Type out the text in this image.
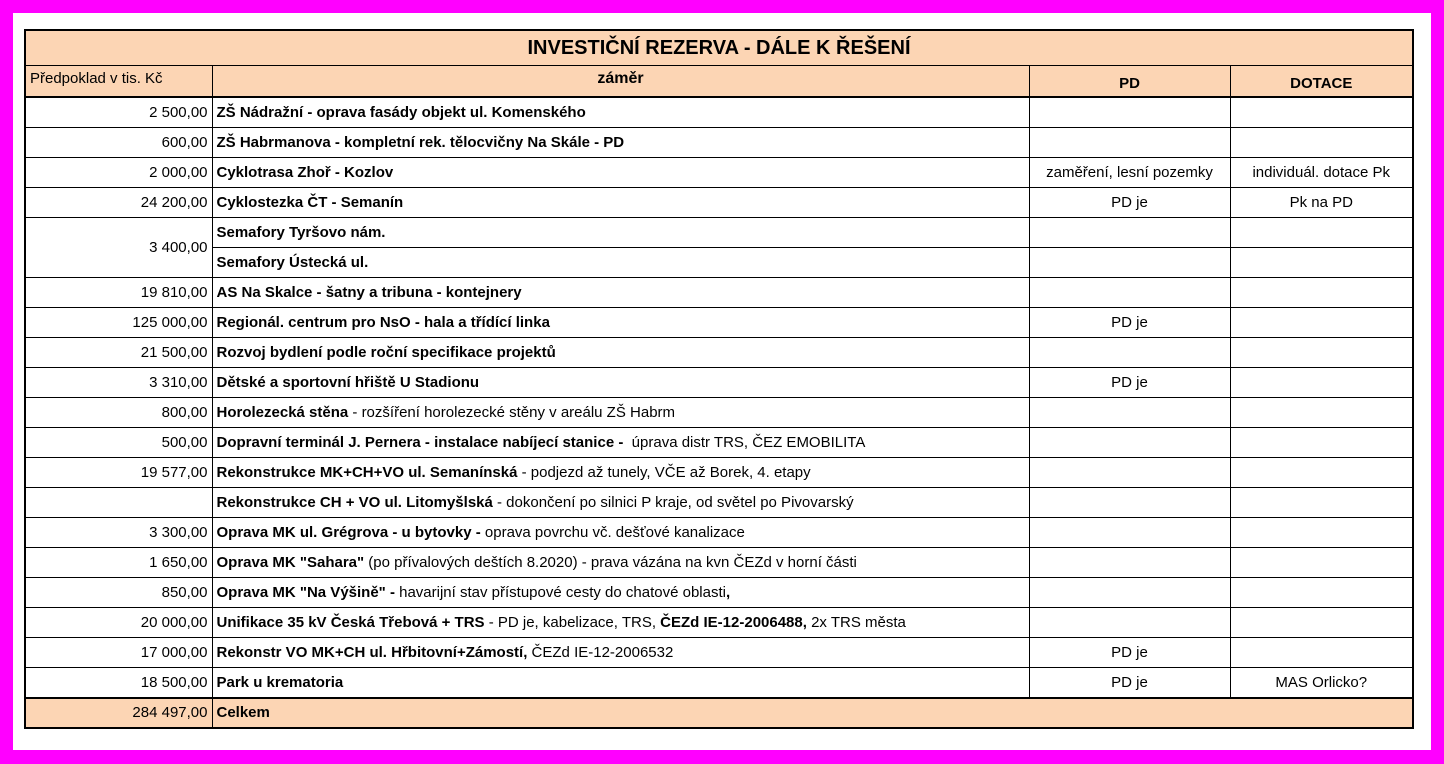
INVESTIČNÍ REZERVA - DÁLE K ŘEŠENÍ			
Předpoklad v tis. Kč	záměr	PD	DOTACE
2 500,00	ZŠ Nádražní - oprava fasády objekt ul. Komenského		
600,00	ZŠ Habrmanova - kompletní rek. tělocvičny Na Skále - PD		
2 000,00	Cyklotrasa Zhoř - Kozlov	zaměření, lesní pozemky	individuál. dotace Pk
24 200,00	Cyklostezka ČT - Semanín	PD je	Pk na PD
3 400,00	Semafory Tyršovo nám.		
	Semafory Ústecká ul.		
19 810,00	AS Na Skalce - šatny a tribuna - kontejnery		
125 000,00	Regionál. centrum pro NsO - hala a třídící linka	PD je	
21 500,00	Rozvoj bydlení podle roční specifikace projektů		
3 310,00	Dětské a sportovní hřiště U Stadionu	PD je	
800,00	Horolezecká stěna - rozšíření horolezecké stěny v areálu ZŠ Habrm		
500,00	Dopravní terminál J. Pernera - instalace nabíjecí stanice -  úprava distr TRS, ČEZ EMOBILITA		
19 577,00	Rekonstrukce MK+CH+VO ul. Semanínská - podjezd až tunely, VČE až Borek, 4. etapy		
	Rekonstrukce CH + VO ul. Litomyšlská - dokončení po silnici P kraje, od světel po Pivovarský		
3 300,00	Oprava MK ul. Grégrova - u bytovky - oprava povrchu vč. dešťové kanalizace		
1 650,00	Oprava MK "Sahara" (po přívalových deštích 8.2020) - prava vázána na kvn ČEZd v horní části		
850,00	Oprava MK "Na Výšině" - havarijní stav přístupové cesty do chatové oblasti,		
20 000,00	Unifikace 35 kV Česká Třebová + TRS - PD je, kabelizace, TRS, ČEZd IE-12-2006488, 2x TRS města		
17 000,00	Rekonstr VO MK+CH ul. Hřbitovní+Zámostí, ČEZd IE-12-2006532	PD je	
18 500,00	Park u krematoria	PD je	MAS Orlicko?
284 497,00	Celkem		
